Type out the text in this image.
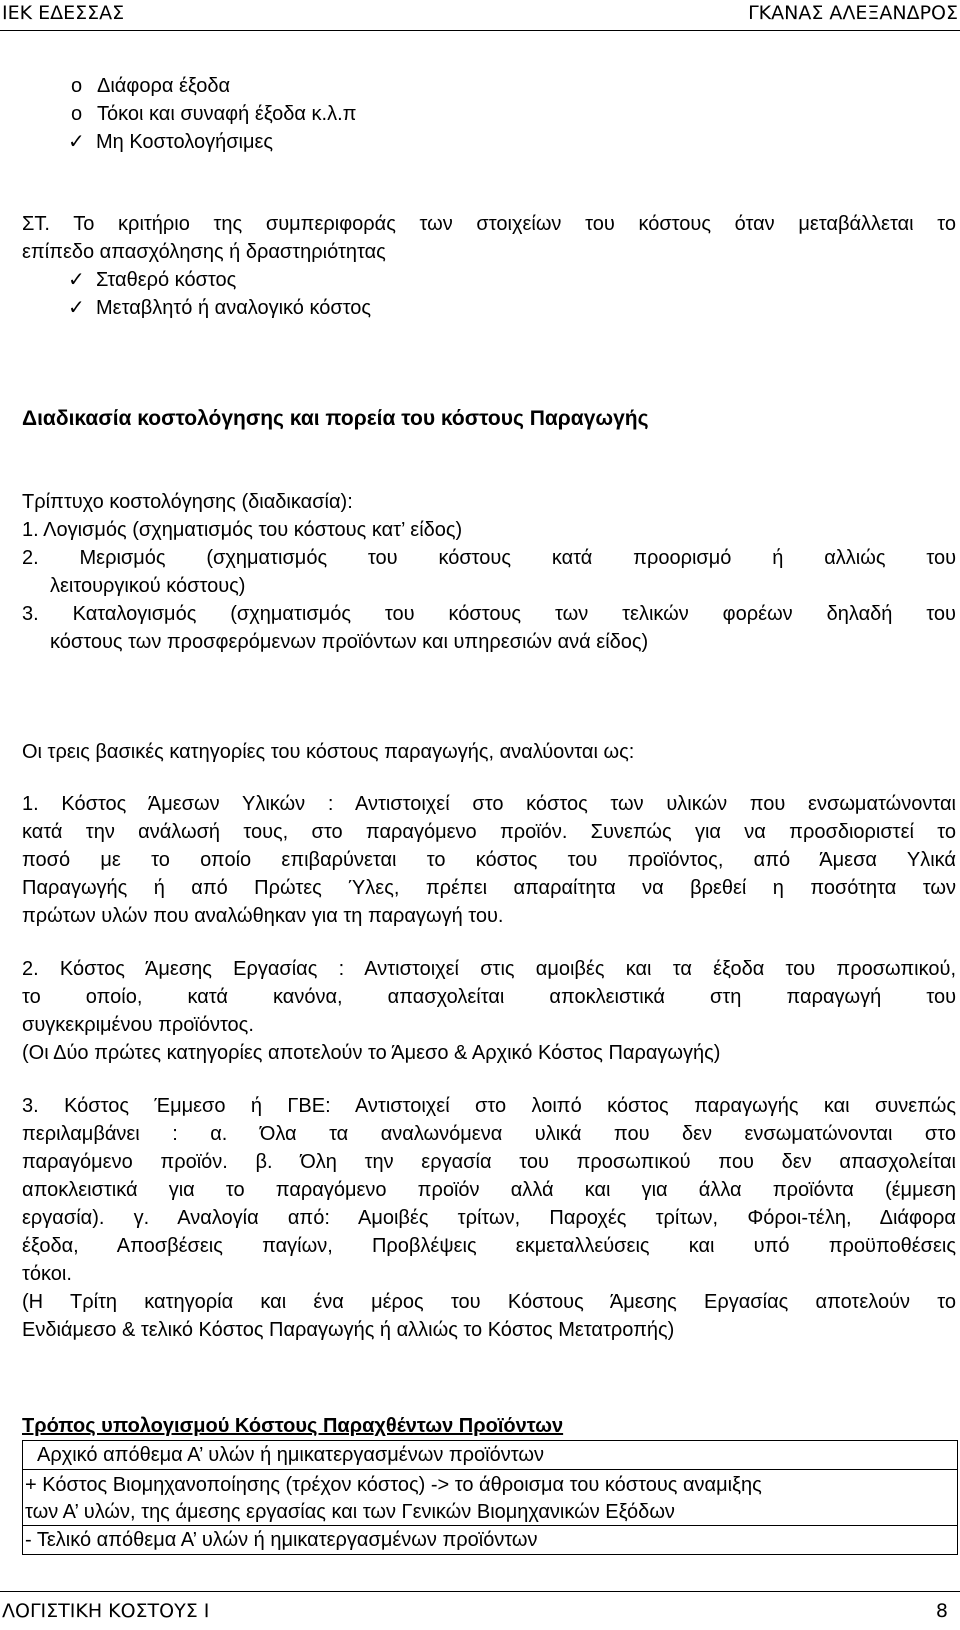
ΙΕΚ ΕΔΕΣΣΑΣ	ΓΚΑΝΑΣ ΑΛΕΞΑΝΔΡΟΣ
o Διάφορα έξοδα
o Τόκοι και συναφή έξοδα κ.λ.π
✓ Μη Κοστολογήσιμες
ΣΤ. Το κριτήριο της συμπεριφοράς των στοιχείων του κόστους όταν μεταβάλλεται το
επίπεδο απασχόλησης ή δραστηριότητας
✓ Σταθερό κόστος
✓ Μεταβλητό ή αναλογικό κόστος
Διαδικασία κοστολόγησης και πορεία του κόστους Παραγωγής
Τρίπτυχο κοστολόγησης (διαδικασία):
1. Λογισμός (σχηματισμός του κόστους κατ’ είδος)
2. Μερισμός (σχηματισμός του κόστους κατά προορισμό ή αλλιώς του
λειτουργικού κόστους)
3. Καταλογισμός (σχηματισμός του κόστους των τελικών φορέων δηλαδή του
κόστους των προσφερόμενων προϊόντων και υπηρεσιών ανά είδος)
Οι τρεις βασικές κατηγορίες του κόστους παραγωγής, αναλύονται ως:
1. Κόστος Άμεσων Υλικών : Αντιστοιχεί στο κόστος των υλικών που ενσωματώνονται
κατά την ανάλωσή τους, στο παραγόμενο προϊόν. Συνεπώς για να προσδιοριστεί το
ποσό με το οποίο επιβαρύνεται το κόστος του προϊόντος, από Άμεσα Υλικά
Παραγωγής ή από Πρώτες Ύλες, πρέπει απαραίτητα να βρεθεί η ποσότητα των
πρώτων υλών που αναλώθηκαν για τη παραγωγή του.
2. Κόστος Άμεσης Εργασίας : Αντιστοιχεί στις αμοιβές και τα έξοδα του προσωπικού,
το οποίο, κατά κανόνα, απασχολείται αποκλειστικά στη παραγωγή του
συγκεκριμένου προϊόντος.
(Οι Δύο πρώτες κατηγορίες αποτελούν το Άμεσο & Αρχικό Κόστος Παραγωγής)
3. Κόστος Έμμεσο ή ΓΒΕ: Αντιστοιχεί στο λοιπό κόστος παραγωγής και συνεπώς
περιλαμβάνει : α. Όλα τα αναλωνόμενα υλικά που δεν ενσωματώνονται στο
παραγόμενο προϊόν. β. Όλη την εργασία του προσωπικού που δεν απασχολείται
αποκλειστικά για το παραγόμενο προϊόν αλλά και για άλλα προϊόντα (έμμεση
εργασία). γ. Αναλογία από: Αμοιβές τρίτων, Παροχές τρίτων, Φόροι-τέλη, Διάφορα
έξοδα, Αποσβέσεις παγίων, Προβλέψεις εκμεταλλεύσεις και υπό προϋποθέσεις
τόκοι.
(Η Τρίτη κατηγορία και ένα μέρος του Κόστους Άμεσης Εργασίας αποτελούν το
Ενδιάμεσο & τελικό Κόστος Παραγωγής ή αλλιώς το Κόστος Μετατροπής)
Τρόπος υπολογισμού Κόστους Παραχθέντων Προϊόντων
Αρχικό απόθεμα Α’ υλών ή ημικατεργασμένων προϊόντων
+ Κόστος Βιομηχανοποίησης (τρέχον κόστος) -> το άθροισμα του κόστους αναμιξης
των Α’ υλών, της άμεσης εργασίας και των Γενικών Βιομηχανικών Εξόδων
- Τελικό απόθεμα Α’ υλών ή ημικατεργασμένων προϊόντων
ΛΟΓΙΣΤΙΚΗ ΚΟΣΤΟΥΣ Ι	8
